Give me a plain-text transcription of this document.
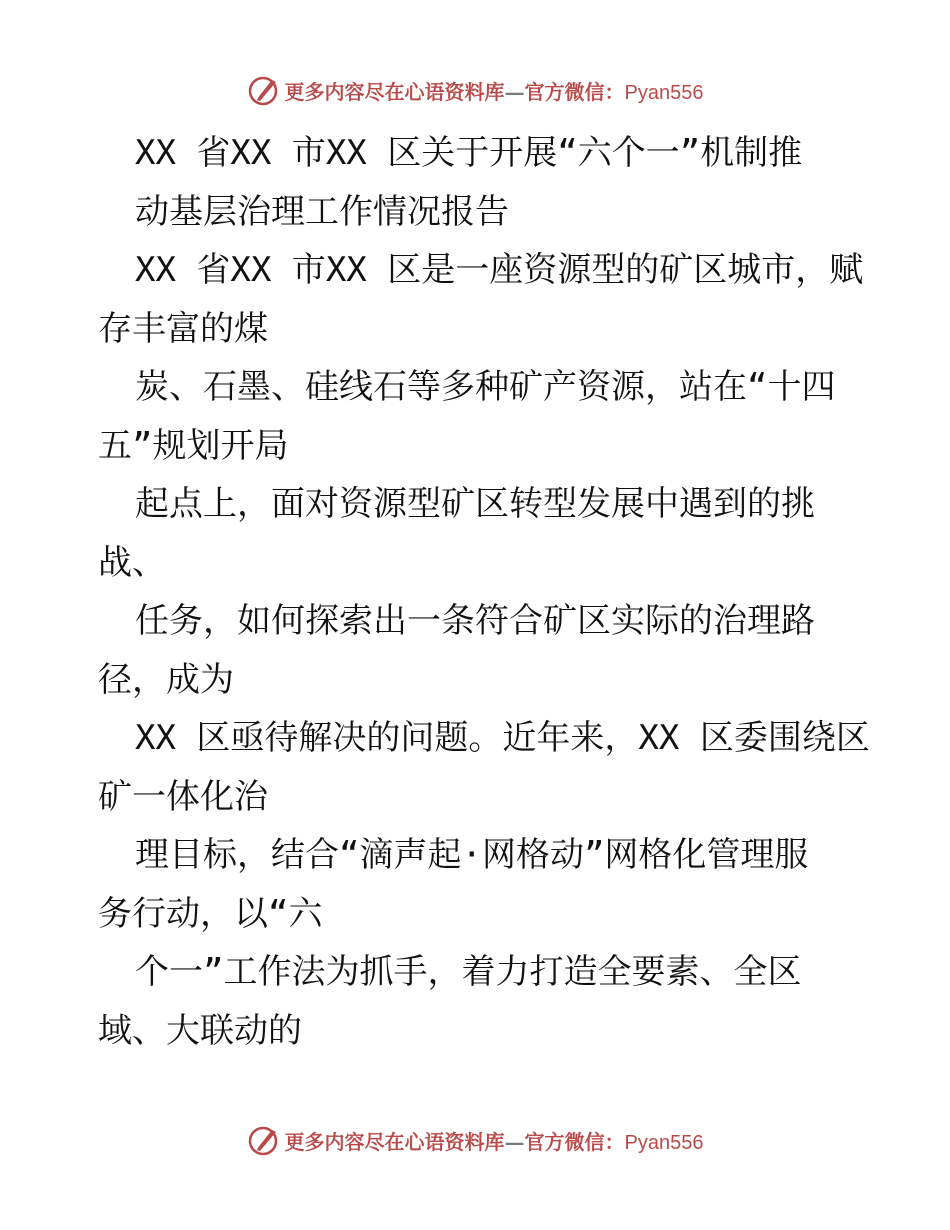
更多内容尽在心语资料库—官方微信：Pyan556
XX 省XX 市XX 区关于开展“六个一”机制推
动基层治理工作情况报告
XX 省XX 市XX 区是一座资源型的矿区城市，赋
存丰富的煤
炭、石墨、硅线石等多种矿产资源，站在“十四
五”规划开局
起点上，面对资源型矿区转型发展中遇到的挑
战、
任务，如何探索出一条符合矿区实际的治理路
径，成为
XX 区亟待解决的问题。近年来，XX 区委围绕区
矿一体化治
理目标，结合“滴声起·网格动”网格化管理服
务行动，以“六
个一”工作法为抓手，着力打造全要素、全区
域、大联动的
更多内容尽在心语资料库—官方微信：Pyan556
